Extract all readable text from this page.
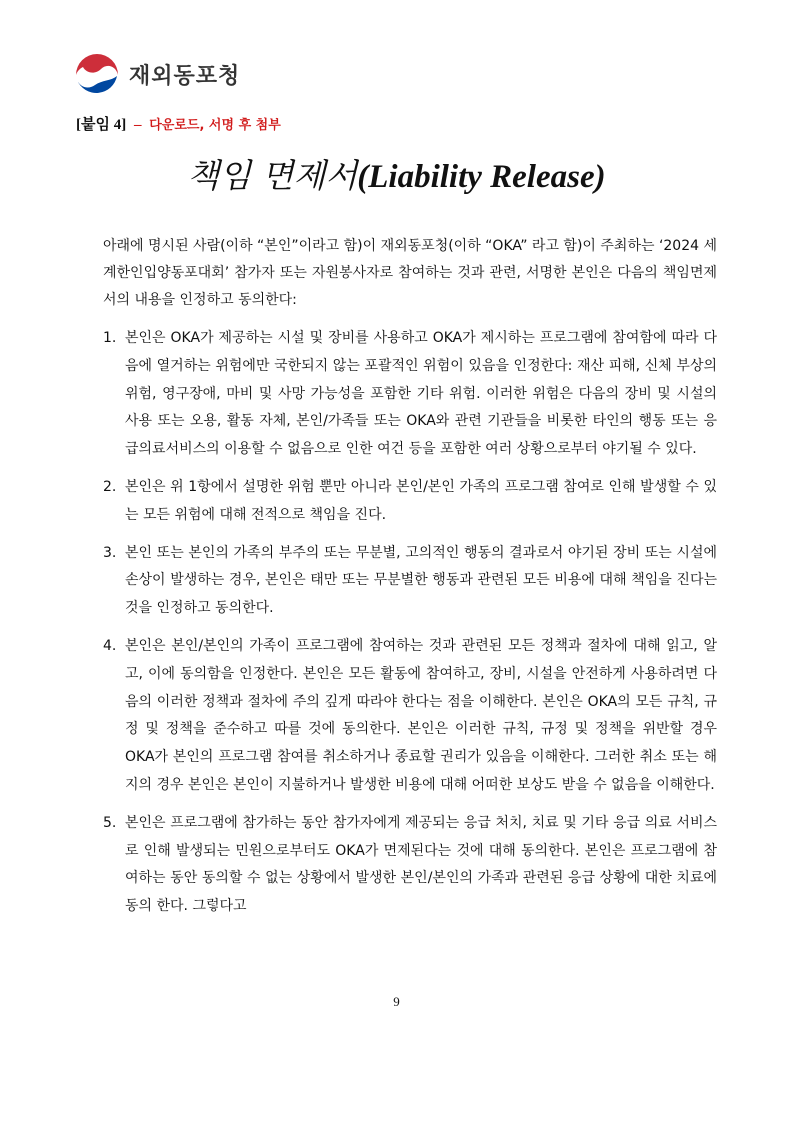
재외동포청
[붙임 4] – 다운로드, 서명 후 첨부
책임 면제서(Liability Release)

아래에 명시된 사람(이하 “본인”이라고 함)이 재외동포청(이하 “OKA” 라고 함)이 주최하는 ‘2024 세계한인입양동포대회’ 참가자 또는 자원봉사자로 참여하는 것과 관련, 서명한 본인은 다음의 책임면제서의 내용을 인정하고 동의한다:

1. 본인은 OKA가 제공하는 시설 및 장비를 사용하고 OKA가 제시하는 프로그램에 참여함에 따라 다음에 열거하는 위험에만 국한되지 않는 포괄적인 위험이 있음을 인정한다: 재산 피해, 신체 부상의 위험, 영구장애, 마비 및 사망 가능성을 포함한 기타 위험. 이러한 위험은 다음의 장비 및 시설의 사용 또는 오용, 활동 자체, 본인/가족들 또는 OKA와 관련 기관들을 비롯한 타인의 행동 또는 응급의료서비스의 이용할 수 없음으로 인한 여건 등을 포함한 여러 상황으로부터 야기될 수 있다.
2. 본인은 위 1항에서 설명한 위험 뿐만 아니라 본인/본인 가족의 프로그램 참여로 인해 발생할 수 있는 모든 위험에 대해 전적으로 책임을 진다.
3. 본인 또는 본인의 가족의 부주의 또는 무분별, 고의적인 행동의 결과로서 야기된 장비 또는 시설에 손상이 발생하는 경우, 본인은 태만 또는 무분별한 행동과 관련된 모든 비용에 대해 책임을 진다는 것을 인정하고 동의한다.
4. 본인은 본인/본인의 가족이 프로그램에 참여하는 것과 관련된 모든 정책과 절차에 대해 읽고, 알고, 이에 동의함을 인정한다. 본인은 모든 활동에 참여하고, 장비, 시설을 안전하게 사용하려면 다음의 이러한 정책과 절차에 주의 깊게 따라야 한다는 점을 이해한다. 본인은 OKA의 모든 규칙, 규정 및 정책을 준수하고 따를 것에 동의한다. 본인은 이러한 규칙, 규정 및 정책을 위반할 경우 OKA가 본인의 프로그램 참여를 취소하거나 종료할 권리가 있음을 이해한다. 그러한 취소 또는 해지의 경우 본인은 본인이 지불하거나 발생한 비용에 대해 어떠한 보상도 받을 수 없음을 이해한다.
5. 본인은 프로그램에 참가하는 동안 참가자에게 제공되는 응급 처치, 치료 및 기타 응급 의료 서비스로 인해 발생되는 민원으로부터도 OKA가 면제된다는 것에 대해 동의한다. 본인은 프로그램에 참여하는 동안 동의할 수 없는 상황에서 발생한 본인/본인의 가족과 관련된 응급 상황에 대한 치료에 동의 한다. 그렇다고
9
